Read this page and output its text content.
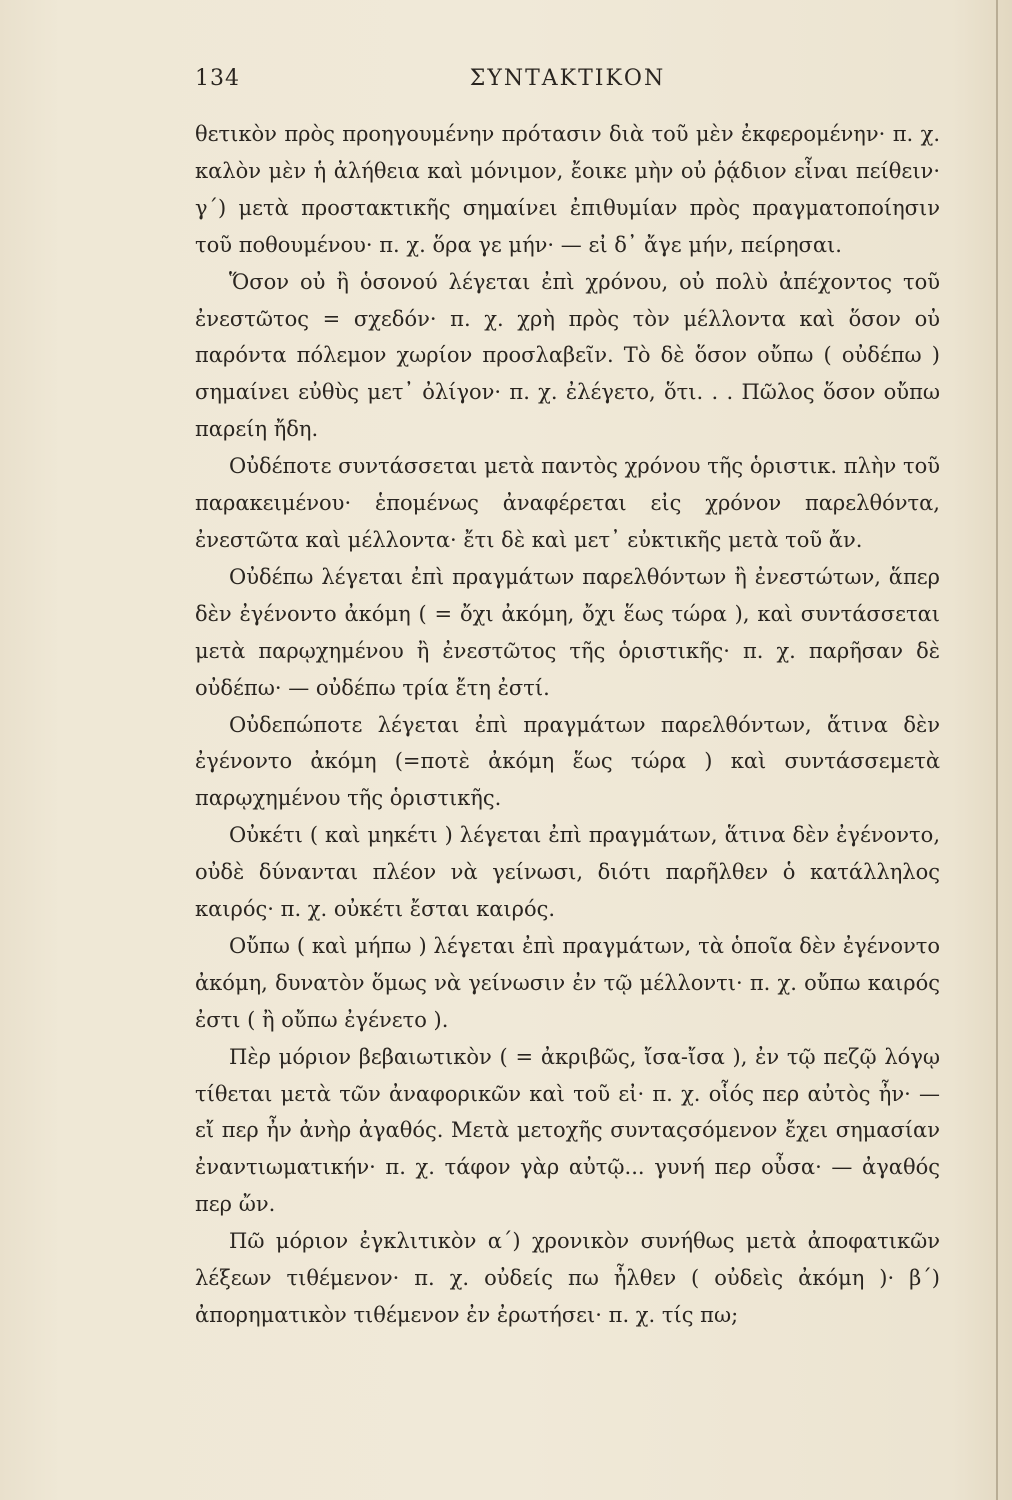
134	ΣΥΝΤΑΚΤΙΚΟΝ

θετικὸν πρὸς προηγουμένην πρότασιν διὰ τοῦ μὲν ἐκφερομένην· π. χ. καλὸν μὲν ἡ ἀλήθεια καὶ μόνιμον, ἔοικε μὴν οὐ ῥᾴδιον εἶναι πείθειν· γ΄) μετὰ προστακτικῆς σημαίνει ἐπιθυμίαν πρὸς πραγματοποίησιν τοῦ ποθουμένου· π. χ. ὅρα γε μήν· — εἰ δ᾽ ἄγε μήν, πείρησαι.

Ὅσον οὐ ἢ ὁσονού λέγεται ἐπὶ χρόνου, οὐ πολὺ ἀπέχοντος τοῦ ἐνεστῶτος = σχεδόν· π. χ. χρὴ πρὸς τὸν μέλλοντα καὶ ὅσον οὐ παρόντα πόλεμον χωρίον προσλαβεῖν. Τὸ δὲ ὅσον οὔπω ( οὐδέπω ) σημαίνει εὐθὺς μετ᾽ ὀλίγον· π. χ. ἐλέγετο, ὅτι. . . Πῶλος ὅσον οὔπω παρείη ἤδη.

Οὐδέποτε συντάσσεται μετὰ παντὸς χρόνου τῆς ὁριστικ. πλὴν τοῦ παρακειμένου· ἑπομένως ἀναφέρεται εἰς χρόνον παρελθόντα, ἐνεστῶτα καὶ μέλλοντα· ἔτι δὲ καὶ μετ᾽ εὐκτικῆς μετὰ τοῦ ἄν.

Οὐδέπω λέγεται ἐπὶ πραγμάτων παρελθόντων ἢ ἐνεστώτων, ἅπερ δὲν ἐγένοντο ἀκόμη ( = ὄχι ἀκόμη, ὄχι ἕως τώρα ), καὶ συντάσσεται μετὰ παρῳχημένου ἢ ἐνεστῶτος τῆς ὁριστικῆς· π. χ. παρῆσαν δὲ οὐδέπω· — οὐδέπω τρία ἔτη ἐστί.

Οὐδεπώποτε λέγεται ἐπὶ πραγμάτων παρελθόντων, ἅτινα δὲν ἐγένοντο ἀκόμη (=ποτὲ ἀκόμη ἕως τώρα ) καὶ συντάσσεμετὰ παρῳχημένου τῆς ὁριστικῆς.

Οὐκέτι ( καὶ μηκέτι ) λέγεται ἐπὶ πραγμάτων, ἅτινα δὲν ἐγένοντο, οὐδὲ δύνανται πλέον νὰ γείνωσι, διότι παρῆλθεν ὁ κατάλληλος καιρός· π. χ. οὐκέτι ἔσται καιρός.

Οὔπω ( καὶ μήπω ) λέγεται ἐπὶ πραγμάτων, τὰ ὁποῖα δὲν ἐγένοντο ἀκόμη, δυνατὸν ὅμως νὰ γείνωσιν ἐν τῷ μέλλοντι· π. χ. οὔπω καιρός ἐστι ( ἢ οὔπω ἐγένετο ).

Πὲρ μόριον βεβαιωτικὸν ( = ἀκριβῶς, ἴσα-ἴσα ), ἐν τῷ πεζῷ λόγῳ τίθεται μετὰ τῶν ἀναφορικῶν καὶ τοῦ εἰ· π. χ. οἷός περ αὐτὸς ἦν· — εἴ περ ἦν ἀνὴρ ἀγαθός. Μετὰ μετοχῆς συνταςσόμενον ἔχει σημασίαν ἐναντιωματικήν· π. χ. τάφον γὰρ αὐτῷ... γυνή περ οὖσα· — ἀγαθός περ ὤν.

Πῶ μόριον ἐγκλιτικὸν α΄) χρονικὸν συνήθως μετὰ ἀποφατικῶν λέξεων τιθέμενον· π. χ. οὐδείς πω ἦλθεν ( οὐδεὶς ἀκόμη )· β΄) ἀπορηματικὸν τιθέμενον ἐν ἐρωτήσει· π. χ. τίς πω;
